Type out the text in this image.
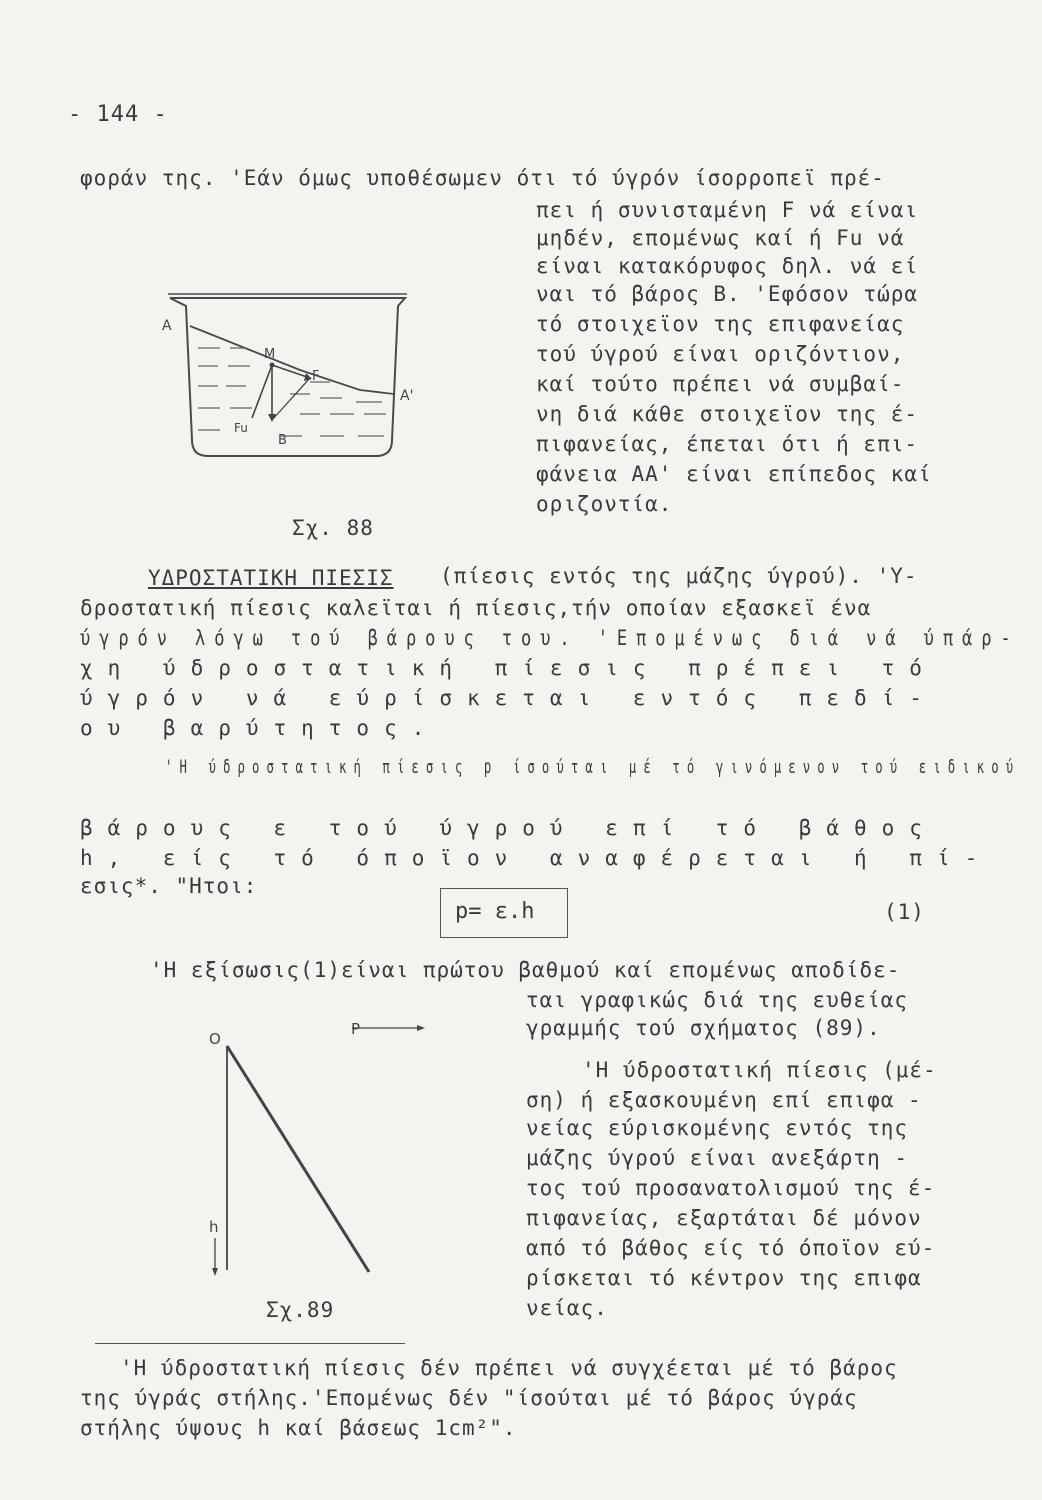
- 144 -
φοράν της. 'Εάν όμως υποθέσωμεν ότι τό ύγρόν ίσορροπεϊ πρέ-
πει ή συνισταμένη F νά είναι
μηδέν, επομένως καί ή Fu νά
είναι κατακόρυφος δηλ. νά εί
ναι τό βάρος B. 'Εφόσον τώρα
τό στοιχεϊον της επιφανείας
τού ύγρού είναι οριζόντιον,
καί τούτο πρέπει νά συμβαί-
νη διά κάθε στοιχεϊον της έ-
πιφανείας, έπεται ότι ή επι-
φάνεια AA' είναι επίπεδος καί
οριζοντία.
A
A'
M
F
Fu
B
Σχ. 88
ΥΔΡΟΣΤΑΤΙΚΗ ΠΙΕΣΙΣ (πίεσις εντός της μάζης ύγρού). 'Υ-
δροστατική πίεσις καλεϊται ή πίεσις,τήν οποίαν εξασκεϊ ένα
ύγρόν λόγω τού βάρους του. 'Επομένως διά νά ύπάρ-
χη ύδροστατική πίεσις πρέπει τό
ύγρόν νά εύρίσκεται εντός πεδί-
ου βαρύτητος.
'Η ύδροστατική πίεσις p ίσούται μέ τό γινόμενον τού ειδικού
βάρους ε τού ύγρού επί τό βάθος
h, είς τό όποϊον αναφέρεται ή πί-
εσις*. "Ητοι:
p= ε.h	(1)
'Η εξίσωσις(1)είναι πρώτου βαθμού καί επομένως αποδίδε-
ται γραφικώς διά της ευθείας
γραμμής τού σχήματος (89).
O
P
h
Σχ.89
'Η ύδροστατική πίεσις (μέ-
ση) ή εξασκουμένη επί επιφα -
νείας εύρισκομένης εντός της
μάζης ύγρού είναι ανεξάρτη -
τος τού προσανατολισμού της έ-
πιφανείας, εξαρτάται δέ μόνον
από τό βάθος είς τό όποϊον εύ-
ρίσκεται τό κέντρον της επιφα
νείας.
'Η ύδροστατική πίεσις δέν πρέπει νά συγχέεται μέ τό βάρος
της ύγράς στήλης.'Επομένως δέν "ίσούται μέ τό βάρος ύγράς
στήλης ύψους h καί βάσεως 1cm²".
